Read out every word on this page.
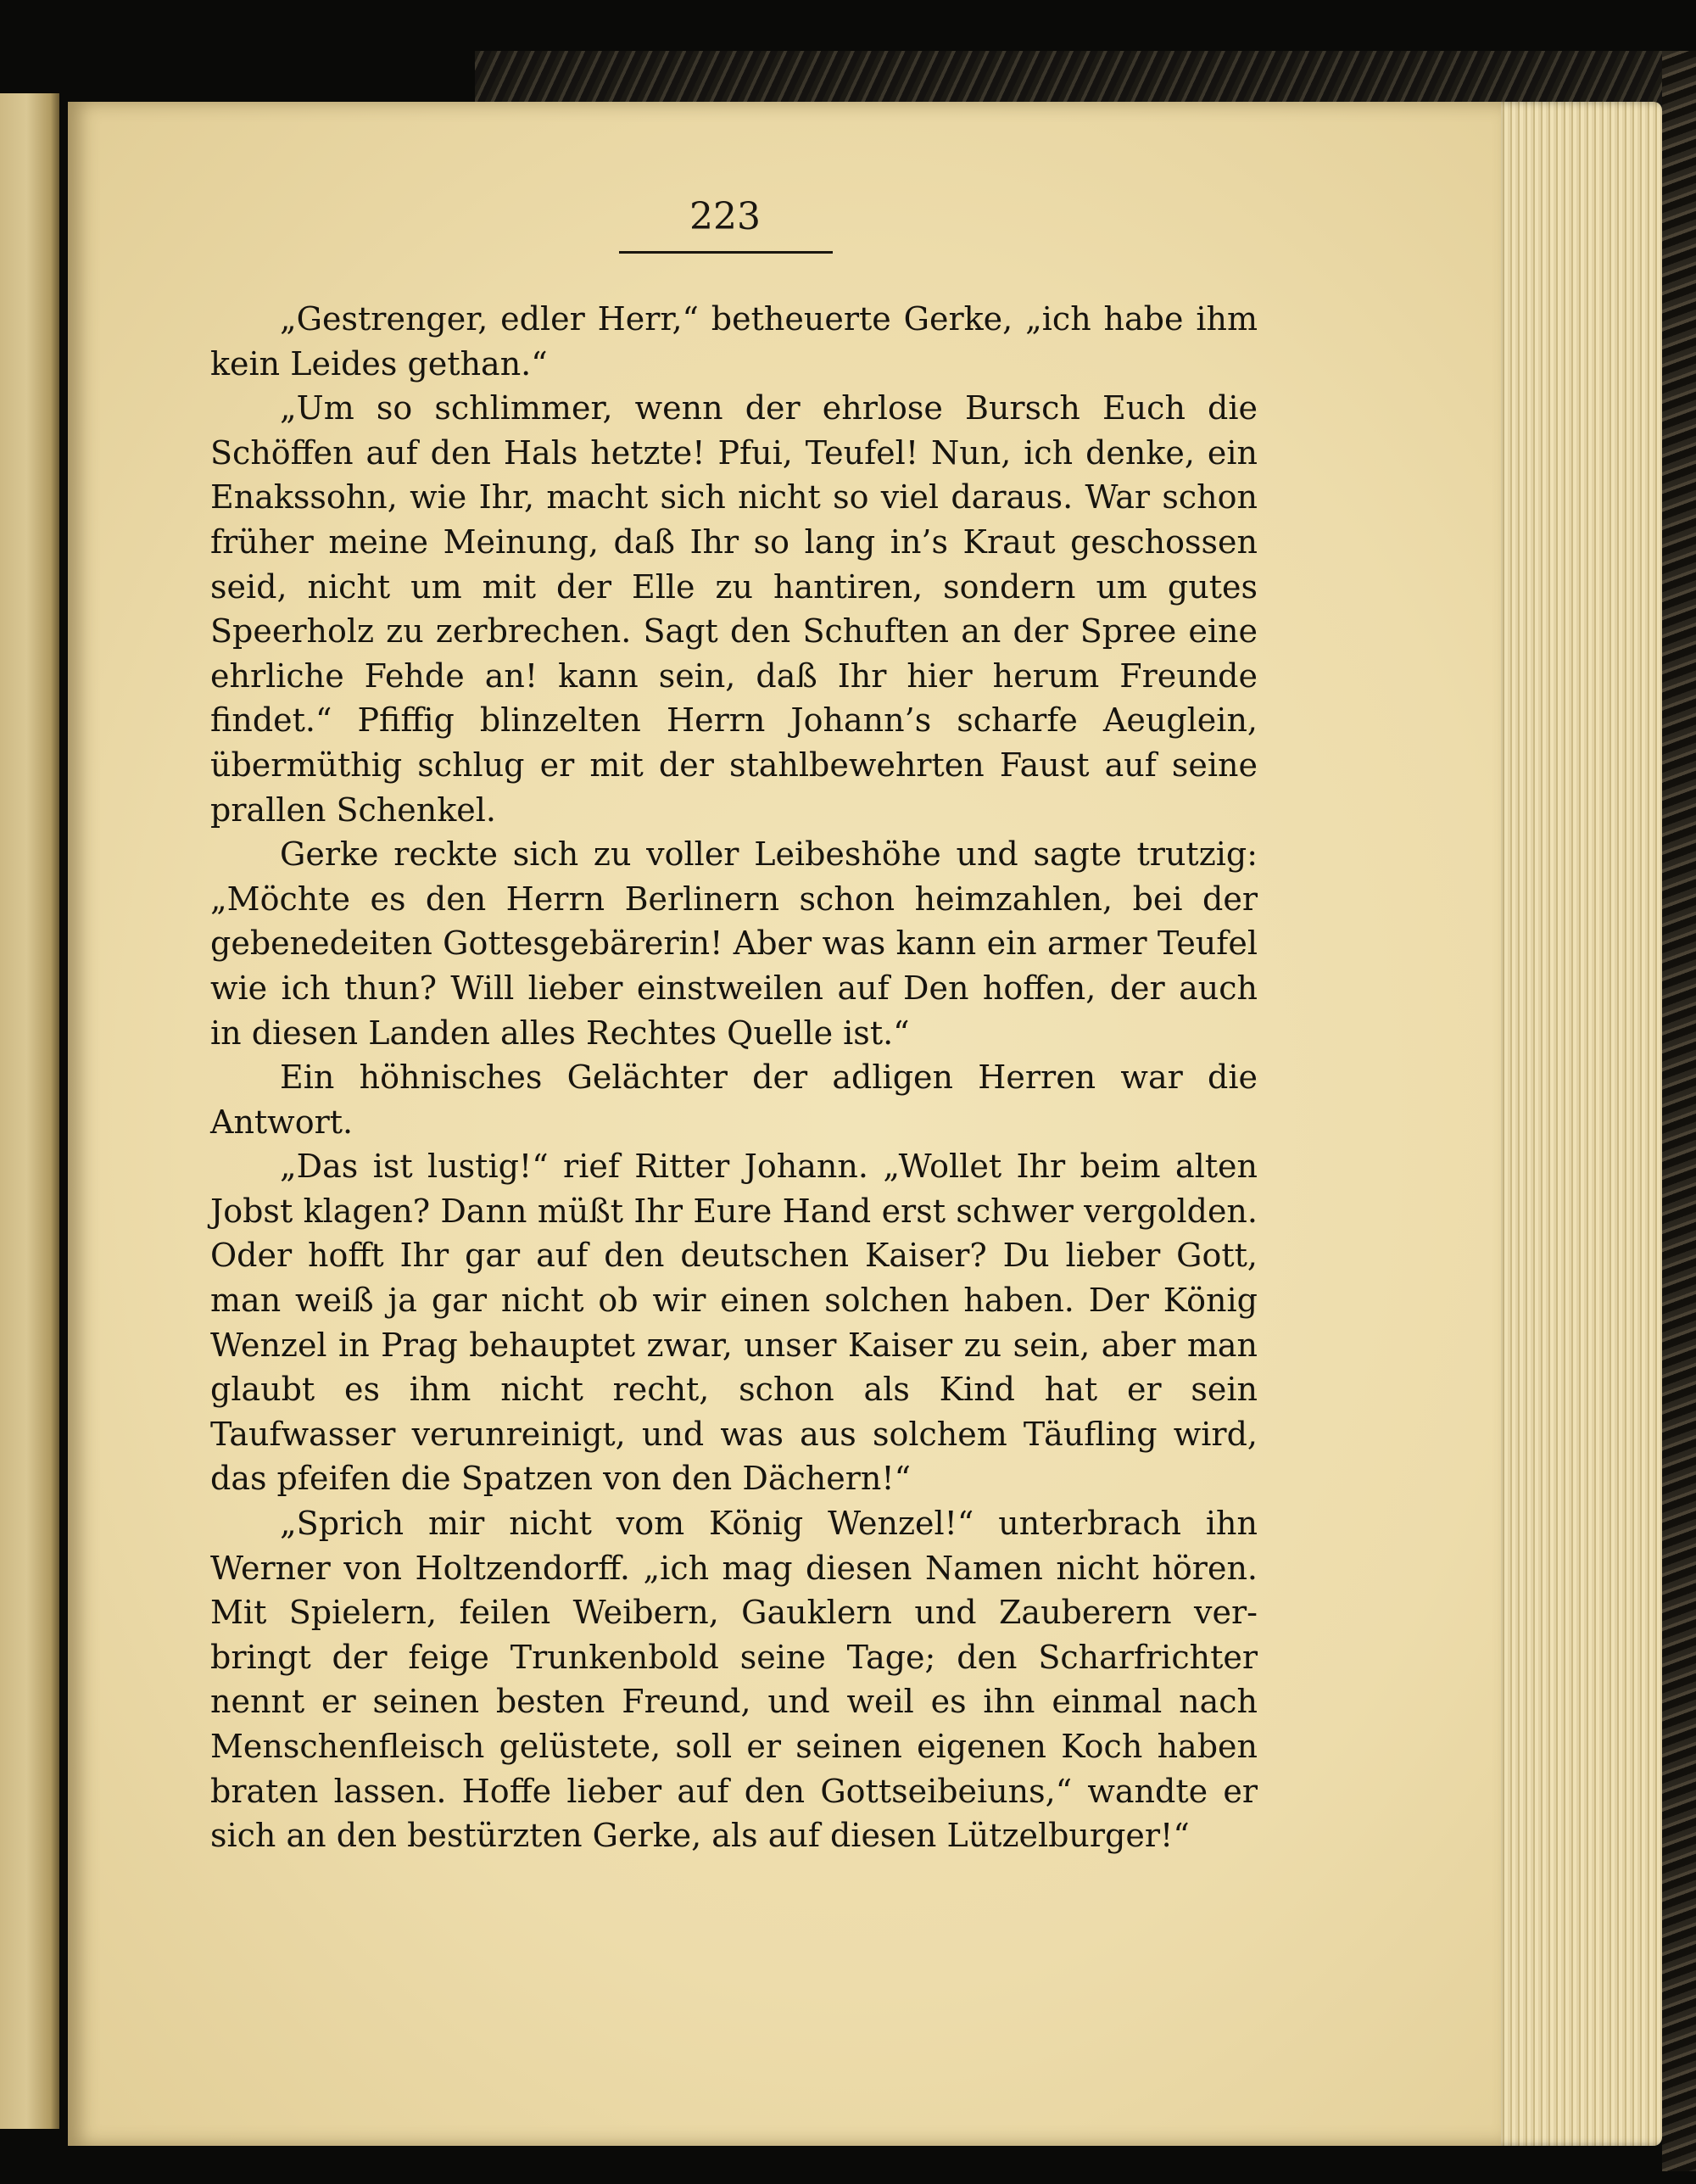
223

„Gestrenger, edler Herr,“ betheuerte Gerke, „ich habe ihm kein Leides gethan.“

„Um so schlimmer, wenn der ehrlose Bursch Euch die Schöffen auf den Hals hetzte! Pfui, Teufel! Nun, ich denke, ein Enakssohn, wie Ihr, macht sich nicht so viel daraus. War schon früher meine Meinung, daß Ihr so lang in’s Kraut geschossen seid, nicht um mit der Elle zu hantiren, sondern um gutes Speerholz zu zerbrechen. Sagt den Schuften an der Spree eine ehrliche Fehde an! kann sein, daß Ihr hier herum Freunde findet.“ Pfiffig blinzelten Herrn Johann’s scharfe Aeuglein, übermüthig schlug er mit der stahlbewehrten Faust auf seine prallen Schenkel.

Gerke reckte sich zu voller Leibeshöhe und sagte trutzig: „Möchte es den Herrn Berlinern schon heimzahlen, bei der gebenedeiten Gottesgebärerin! Aber was kann ein armer Teufel wie ich thun? Will lieber einstweilen auf Den hoffen, der auch in diesen Landen alles Rechtes Quelle ist.“

Ein höhnisches Gelächter der adligen Herren war die Antwort.

„Das ist lustig!“ rief Ritter Johann. „Wollet Ihr beim alten Jobst klagen? Dann müßt Ihr Eure Hand erst schwer vergolden. Oder hofft Ihr gar auf den deutschen Kaiser? Du lieber Gott, man weiß ja gar nicht ob wir einen solchen haben. Der König Wenzel in Prag behauptet zwar, unser Kaiser zu sein, aber man glaubt es ihm nicht recht, schon als Kind hat er sein Taufwasser verunreinigt, und was aus solchem Täufling wird, das pfeifen die Spatzen von den Dächern!“

„Sprich mir nicht vom König Wenzel!“ unterbrach ihn Werner von Holtzendorff. „ich mag diesen Namen nicht hören. Mit Spielern, feilen Weibern, Gauklern und Zauberern verbringt der feige Trunkenbold seine Tage; den Scharfrichter nennt er seinen besten Freund, und weil es ihn einmal nach Menschenfleisch gelüstete, soll er seinen eigenen Koch haben braten lassen. Hoffe lieber auf den Gottseibeiuns,“ wandte er sich an den bestürzten Gerke, als auf diesen Lützelburger!“
